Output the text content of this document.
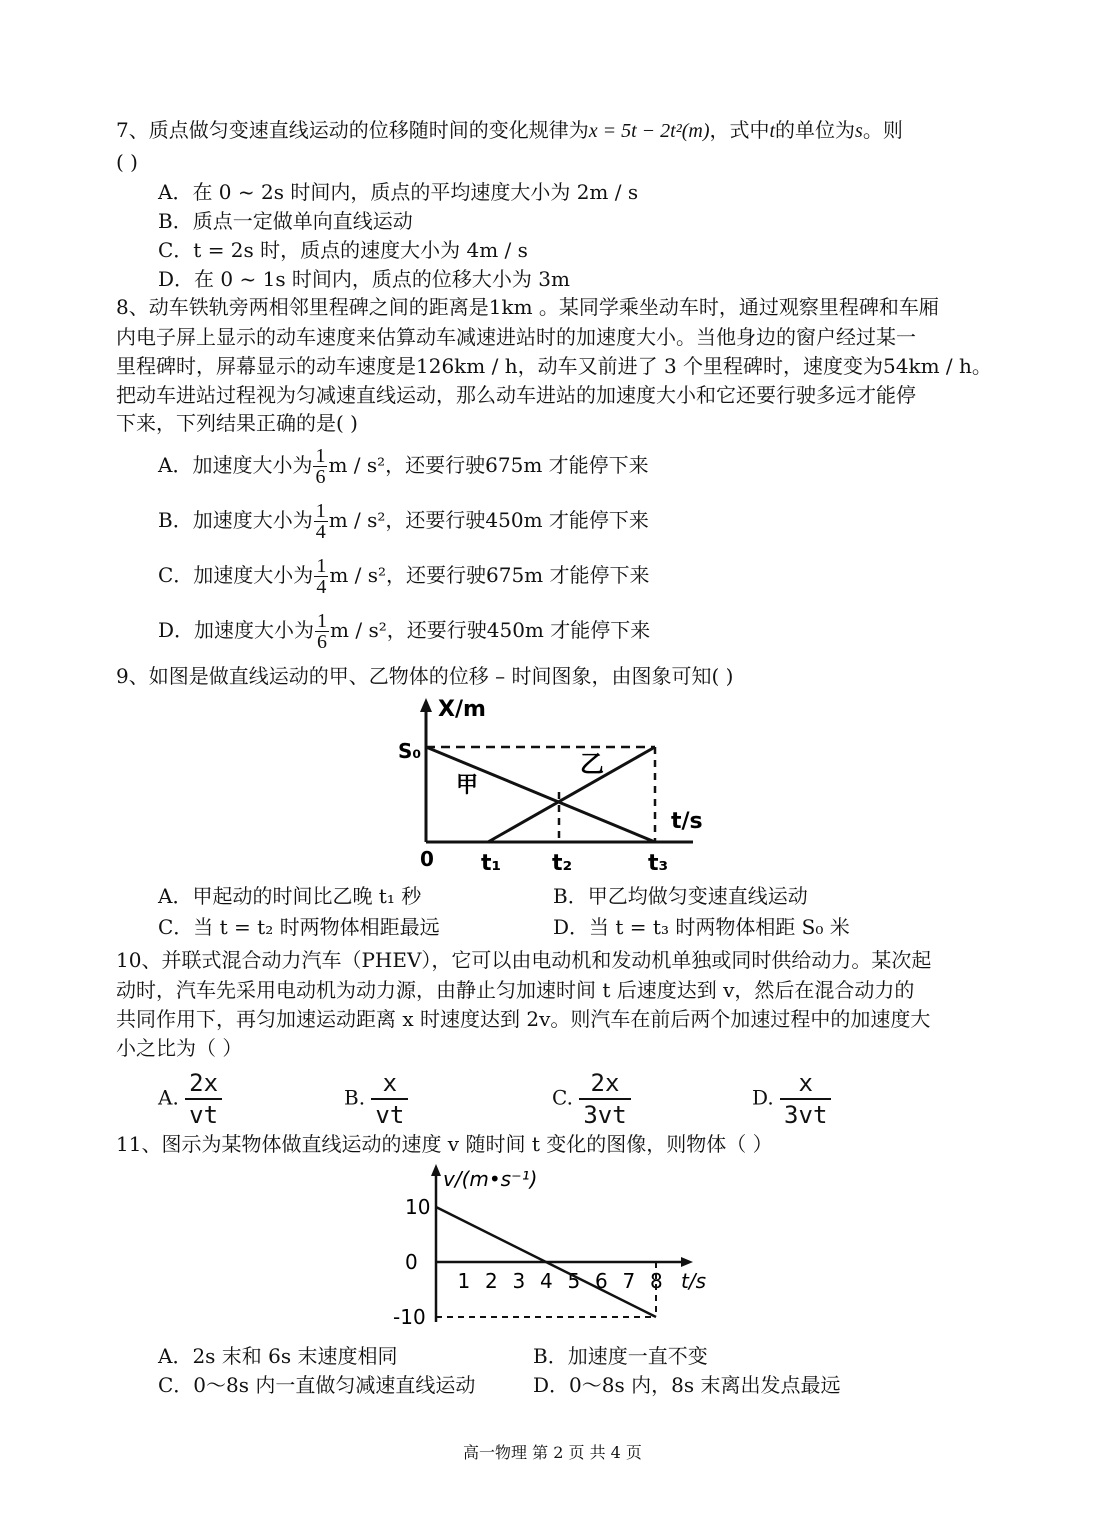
7、质点做匀变速直线运动的位移随时间的变化规律为x = 5t − 2t²(m)，式中t的单位为s。则
( )
A．在 0 ~ 2s 时间内，质点的平均速度大小为 2m / s
B．质点一定做单向直线运动
C．t = 2s 时，质点的速度大小为 4m / s
D．在 0 ~ 1s 时间内，质点的位移大小为 3m
8、动车铁轨旁两相邻里程碑之间的距离是1km 。某同学乘坐动车时，通过观察里程碑和车厢
内电子屏上显示的动车速度来估算动车减速进站时的加速度大小。当他身边的窗户经过某一
里程碑时，屏幕显示的动车速度是126km / h，动车又前进了 3 个里程碑时，速度变为54km / h。
把动车进站过程视为匀减速直线运动，那么动车进站的加速度大小和它还要行驶多远才能停
下来，下列结果正确的是( )
A．加速度大小为 $\frac{1}{6}$ m / s²，还要行驶675m 才能停下来
B．加速度大小为 $\frac{1}{4}$ m / s²，还要行驶450m 才能停下来
C．加速度大小为 $\frac{1}{4}$ m / s²，还要行驶675m 才能停下来
D．加速度大小为 $\frac{1}{6}$ m / s²，还要行驶450m 才能停下来
9、如图是做直线运动的甲、乙物体的位移 – 时间图象，由图象可知( )
X/m
t/s
S₀
0 t₁ t₂	t₃
甲
乙
A．甲起动的时间比乙晚 t₁ 秒	B．甲乙均做匀变速直线运动
C．当 t = t₂ 时两物体相距最远	D．当 t = t₃ 时两物体相距 S₀ 米
10、并联式混合动力汽车（PHEV），它可以由电动机和发动机单独或同时供给动力。某次起
动时，汽车先采用电动机为动力源，由静止匀加速时间 t 后速度达到 v，然后在混合动力的
共同作用下，再匀加速运动距离 x 时速度达到 2v。则汽车在前后两个加速过程中的加速度大
小之比为（ ）
A. $\frac{2x}{vt}$	B. $\frac{x}{vt}$	C. $\frac{2x}{3vt}$	D. $\frac{x}{3vt}$
11、图示为某物体做直线运动的速度 v 随时间 t 变化的图像，则物体（ ）
v/(m•s⁻¹)
t/s
10
0
-10
1 2 3 4 5 6 7 8
A．2s 末和 6s 末速度相同	B．加速度一直不变
C．0～8s 内一直做匀减速直线运动	D．0～8s 内，8s 末离出发点最远
高一物理 第 2 页 共 4 页
